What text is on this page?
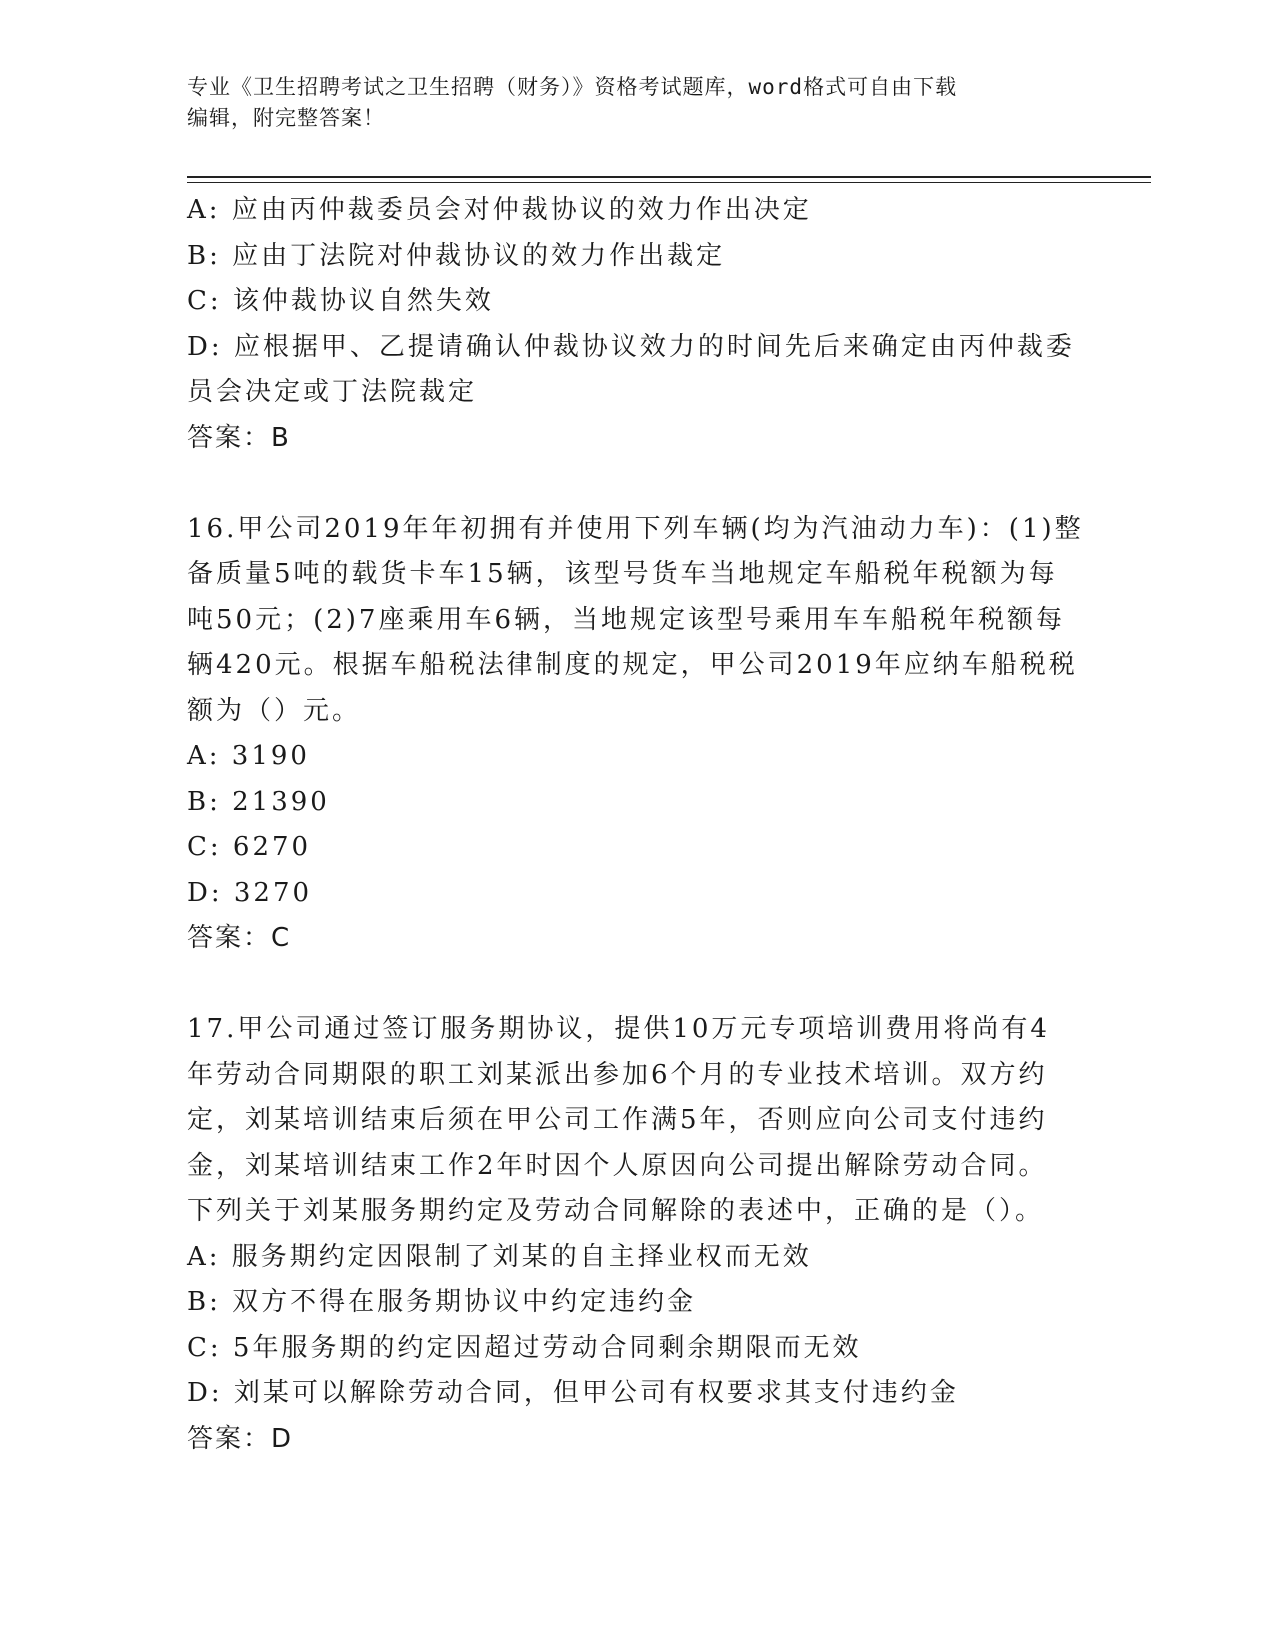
专业《卫生招聘考试之卫生招聘（财务）》资格考试题库，word格式可自由下载
编辑，附完整答案！
A: 应由丙仲裁委员会对仲裁协议的效力作出决定
B: 应由丁法院对仲裁协议的效力作出裁定
C: 该仲裁协议自然失效
D: 应根据甲、乙提请确认仲裁协议效力的时间先后来确定由丙仲裁委
员会决定或丁法院裁定
答案：B
16.甲公司2019年年初拥有并使用下列车辆(均为汽油动力车)：(1)整
备质量5吨的载货卡车15辆，该型号货车当地规定车船税年税额为每
吨50元；(2)7座乘用车6辆，当地规定该型号乘用车车船税年税额每
辆420元。根据车船税法律制度的规定，甲公司2019年应纳车船税税
额为（）元。
A: 3190
B: 21390
C: 6270
D: 3270
答案：C
17.甲公司通过签订服务期协议，提供10万元专项培训费用将尚有4
年劳动合同期限的职工刘某派出参加6个月的专业技术培训。双方约
定，刘某培训结束后须在甲公司工作满5年，否则应向公司支付违约
金，刘某培训结束工作2年时因个人原因向公司提出解除劳动合同。
下列关于刘某服务期约定及劳动合同解除的表述中，正确的是（）。
A: 服务期约定因限制了刘某的自主择业权而无效
B: 双方不得在服务期协议中约定违约金
C: 5年服务期的约定因超过劳动合同剩余期限而无效
D: 刘某可以解除劳动合同，但甲公司有权要求其支付违约金
答案：D
